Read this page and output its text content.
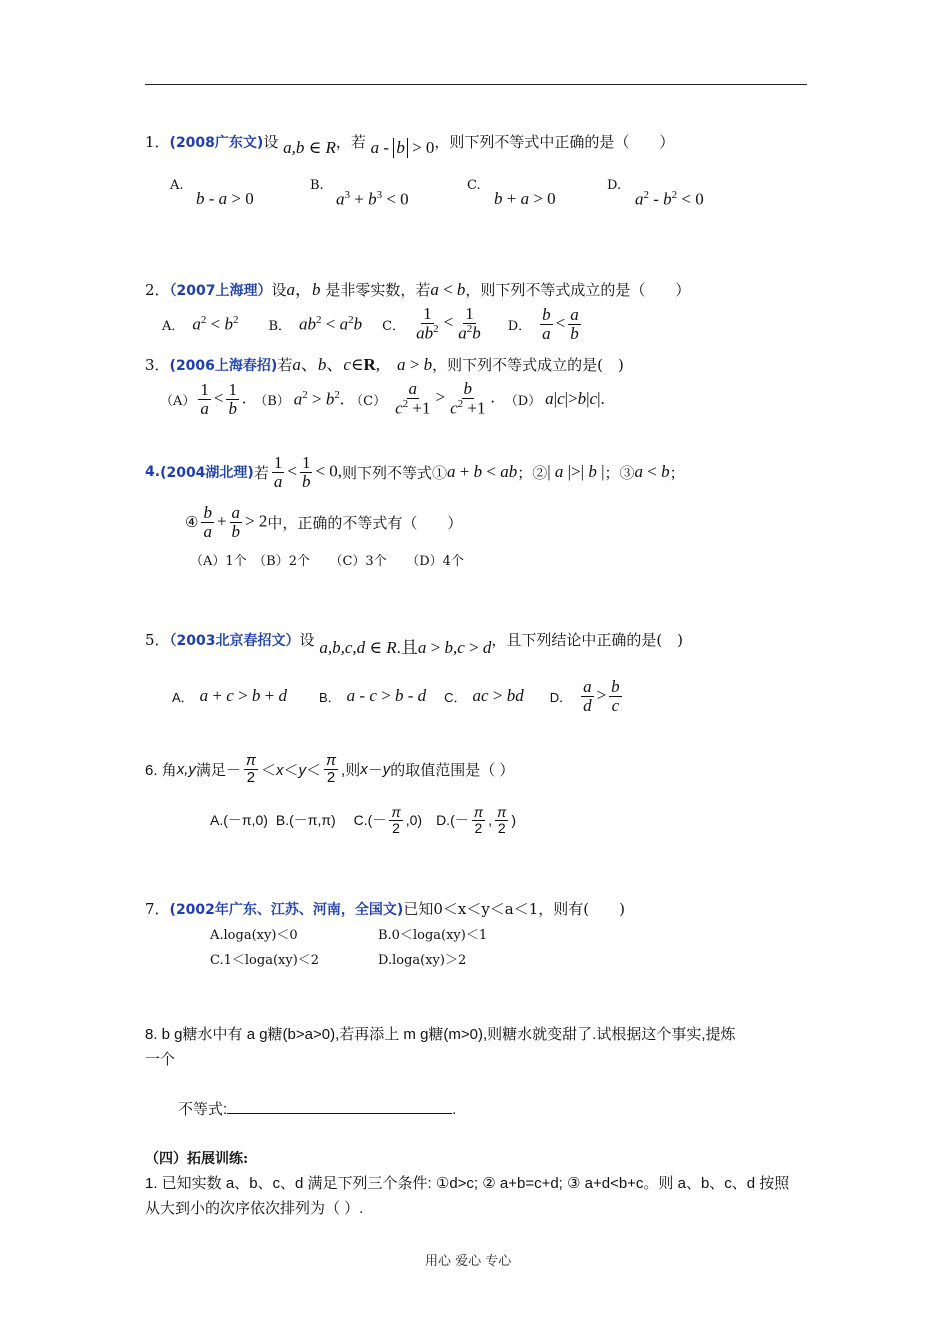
1．(2008广东文)设 a,b ∈ R，若 a - b > 0，则下列不等式中正确的是（　　）
A.
b - a > 0
B.
$a^3 + b^3 < 0$
C.
b + a > 0
D.
$a^2 - b^2 < 0$
2．（2007上海理）设a，b 是非零实数，若a < b，则下列不等式成立的是（　　）
A． $a^2 < b^2$ B． $ab^2 < a^2b$ C． $\frac{1}{ab^2} < \frac{1}{a^2b}$ D． $\frac{b}{a} < \frac{a}{b}$
3．(2006上海春招)若a、b、c∈R,　a > b，则下列不等式成立的是(　)
$(A) \frac{1}{a} < \frac{1}{b}$ . （B） $a^2 > b^2$. $(C) \frac{a}{c^2 +1} > \frac{b}{c^2 +1}$ . （D） a|c|>b|c|.
4. (2004湖北理) 若 $\frac{1}{a} < \frac{1}{b} < 0$, 则下列不等式① a + b < ab ；② | a |>| b | ；③ a < b ；
④ $\frac{b}{a} + \frac{a}{b} > 2$ 中，正确的不等式有（　　）
（A）1个　（B）2个　　（C）3个　　（D）4个
5．（2003北京春招文）设 a,b,c,d ∈ R.且a > b,c > d，且下列结论中正确的是(　)
A． a + c > b + d B． a - c > b - d C． ac > bd D． $\frac{a}{d} > \frac{b}{c}$
6. 角 x,y 满足－ $\frac{\pi}{2} <x<y< \frac{\pi}{2}$ ,则 x － y 的取值范围是（ ）
A.(－π,0) B.(－π,π) $C.(- \frac{\pi}{2} ,0)$ $D.(- \frac{\pi}{2}$ , $\frac{\pi}{2}$ )
7．(2002年广东、江苏、河南，全国文)已知0＜x＜y＜a＜1，则有(　　)
A.loga(xy)＜0	B.0＜loga(xy)＜1
C.1＜loga(xy)＜2	D.loga(xy)＞2
8. b g糖水中有 a g糖(b>a>0),若再添上 m g糖(m>0),则糖水就变甜了.试根据这个事实,提炼
一个
不等式:	.
（四）拓展训练:
1. 已知实数 a、b、c、d 满足下列三个条件: ①d>c; ② a+b=c+d; ③ a+d<b+c。则 a、b、c、d 按照
从大到小的次序依次排列为（ ）.
用心 爱心 专心
